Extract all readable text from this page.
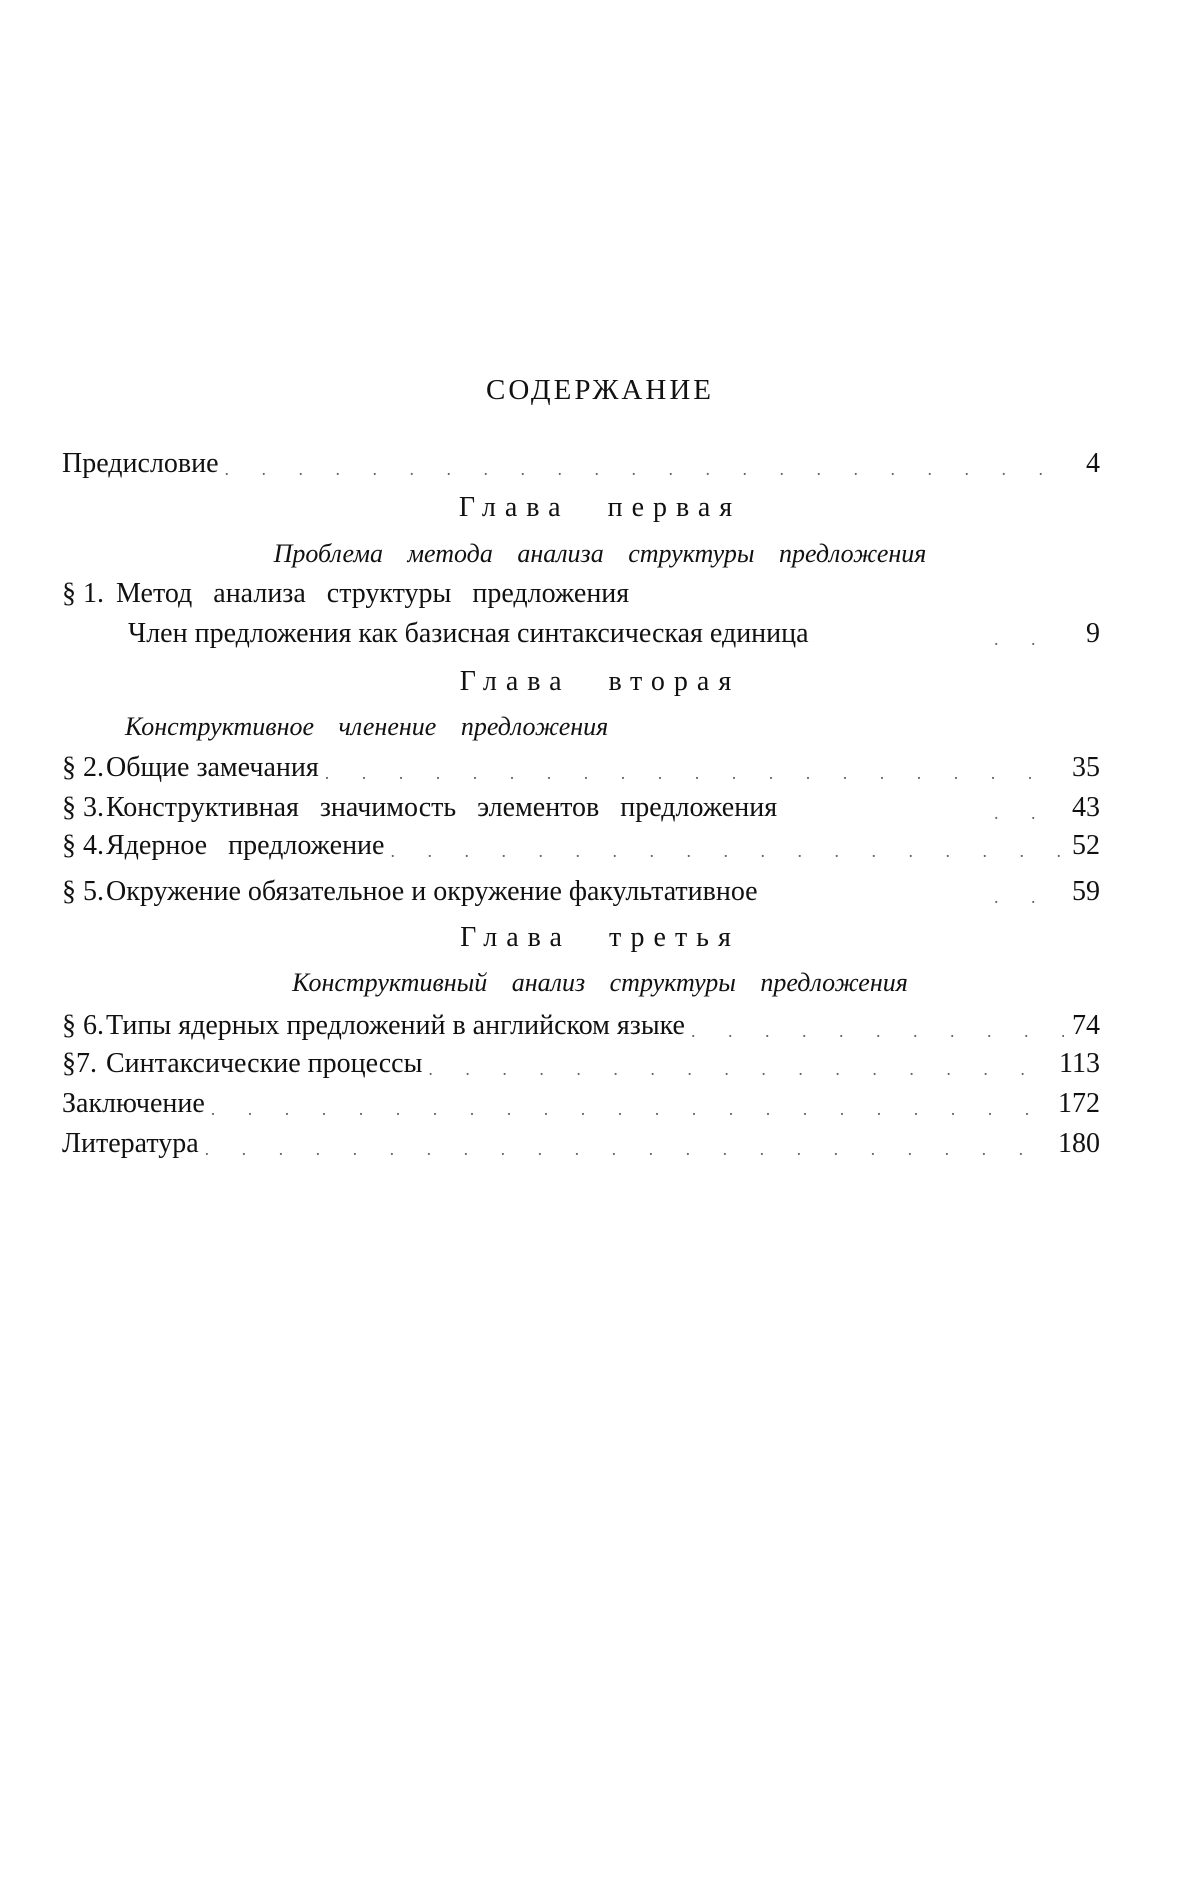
СОДЕРЖАНИЕ
Предисловие . . .	4
Глава первая
Проблема метода анализа структуры предложения
§ 1. Метод анализа структуры предложения
Член предложения как базисная синтаксическая единица . . .	9
Глава вторая
Конструктивное членение предложения
§ 2. Общие замечания . . .	35
§ 3. Конструктивная значимость элементов предложения . . .	43
§ 4. Ядерное предложение . . .	52
§ 5. Окружение обязательное и окружение факультативное . . .	59
Глава третья
Конструктивный анализ структуры предложения
§ 6. Типы ядерных предложений в английском языке . . .	74
§7. Синтаксические процессы . . .	113
Заключение . . .	172
Литература . . .	180
